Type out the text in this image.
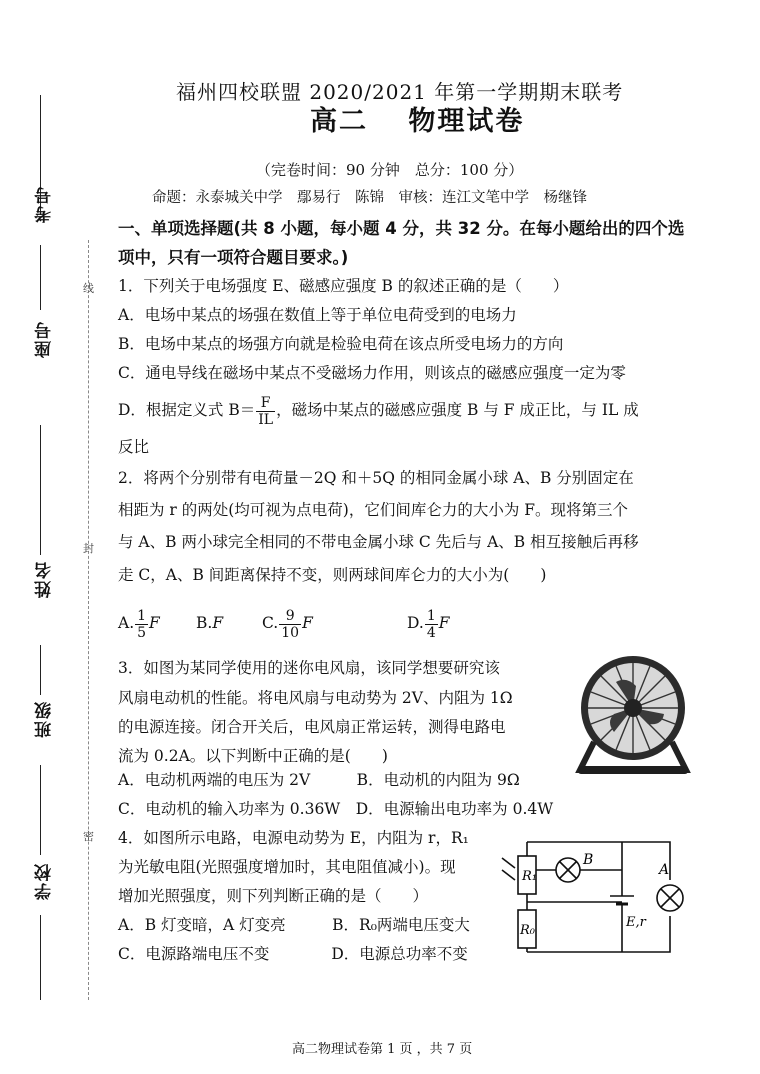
考号
座号
姓名
班级
学校
线
封
密
福州四校联盟 2020/2021 年第一学期期末联考
高二　 物理试卷
（完卷时间：90 分钟　总分：100 分）
命题：永泰城关中学　鄢易行　陈锦　审核：连江文笔中学　杨继锋
一、单项选择题(共 8 小题，每小题 4 分，共 32 分。在每小题给出的四个选
项中，只有一项符合题目要求。)
1．下列关于电场强度 E、磁感应强度 B 的叙述正确的是（　　）
A．电场中某点的场强在数值上等于单位电荷受到的电场力
B．电场中某点的场强方向就是检验电荷在该点所受电场力的方向
C．通电导线在磁场中某点不受磁场力作用，则该点的磁感应强度一定为零
D．根据定义式 $B= \frac{F}{IL}$ ，磁场中某点的磁感应强度 B 与 F 成正比，与 IL 成
反比
2．将两个分别带有电荷量－2Q 和＋5Q 的相同金属小球 A、B 分别固定在
相距为 r 的两处(均可视为点电荷)，它们间库仑力的大小为 F。现将第三个
与 A、B 两小球完全相同的不带电金属小球 C 先后与 A、B 相互接触后再移
走 C，A、B 间距离保持不变，则两球间库仑力的大小为(　　)
A. $\frac{1}{5}$ F B.F	C. $\frac{9}{10}$ F	D. $\frac{1}{4}$ F
3．如图为某同学使用的迷你电风扇，该同学想要研究该
风扇电动机的性能。将电风扇与电动势为 2V、内阻为 1Ω
的电源连接。闭合开关后，电风扇正常运转，测得电路电
流为 0.2A。以下判断中正确的是(　　)
A．电动机两端的电压为 2V　　　B．电动机的内阻为 9Ω
C．电动机的输入功率为 0.36W　D．电源输出电功率为 0.4W
4．如图所示电路，电源电动势为 E，内阻为 r，R₁
为光敏电阻(光照强度增加时，其电阻值减小)。现
增加光照强度，则下列判断正确的是（　　）
A．B 灯变暗，A 灯变亮　　　B．R₀两端电压变大
C．电源路端电压不变　　　　D．电源总功率不变
R₁
B
A
R₀
E,r
高二物理试卷第 1 页 ，共 7 页
